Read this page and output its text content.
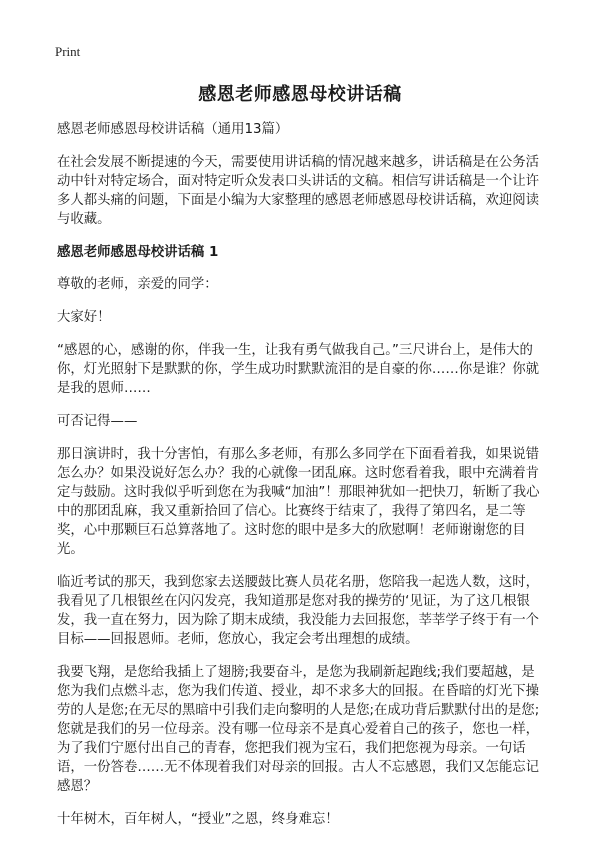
Print
感恩老师感恩母校讲话稿

感恩老师感恩母校讲话稿（通用13篇）

在社会发展不断提速的今天，需要使用讲话稿的情况越来越多，讲话稿是在公务活动中针对特定场合，面对特定听众发表口头讲话的文稿。相信写讲话稿是一个让许多人都头痛的问题，下面是小编为大家整理的感恩老师感恩母校讲话稿，欢迎阅读与收藏。

感恩老师感恩母校讲话稿 1

尊敬的老师，亲爱的同学：

大家好！

“感恩的心，感谢的你，伴我一生，让我有勇气做我自己。”三尺讲台上，是伟大的你，灯光照射下是默默的你，学生成功时默默流泪的是自豪的你……你是谁？你就是我的恩师……

可否记得——

那日演讲时，我十分害怕，有那么多老师，有那么多同学在下面看着我，如果说错怎么办？如果没说好怎么办？我的心就像一团乱麻。这时您看着我，眼中充满着肯定与鼓励。这时我似乎听到您在为我喊“加油”！那眼神犹如一把快刀，斩断了我心中的那团乱麻，我又重新拾回了信心。比赛终于结束了，我得了第四名，是二等奖，心中那颗巨石总算落地了。这时您的眼中是多大的欣慰啊！老师谢谢您的目光。

临近考试的那天，我到您家去送腰鼓比赛人员花名册，您陪我一起选人数，这时，我看见了几根银丝在闪闪发亮，我知道那是您对我的操劳的‘见证，为了这几根银发，我一直在努力，因为除了期末成绩，我没能力去回报您，莘莘学子终于有一个目标——回报恩师。老师，您放心，我定会考出理想的成绩。

我要飞翔，是您给我插上了翅膀;我要奋斗，是您为我刷新起跑线;我们要超越，是您为我们点燃斗志，您为我们传道、授业，却不求多大的回报。在昏暗的灯光下操劳的人是您;在无尽的黑暗中引我们走向黎明的人是您;在成功背后默默付出的是您;您就是我们的另一位母亲。没有哪一位母亲不是真心爱着自己的孩子，您也一样，为了我们宁愿付出自己的青春，您把我们视为宝石，我们把您视为母亲。一句话语，一份答卷……无不体现着我们对母亲的回报。古人不忘感恩，我们又怎能忘记感恩？

十年树木，百年树人，“授业”之恩，终身难忘！
